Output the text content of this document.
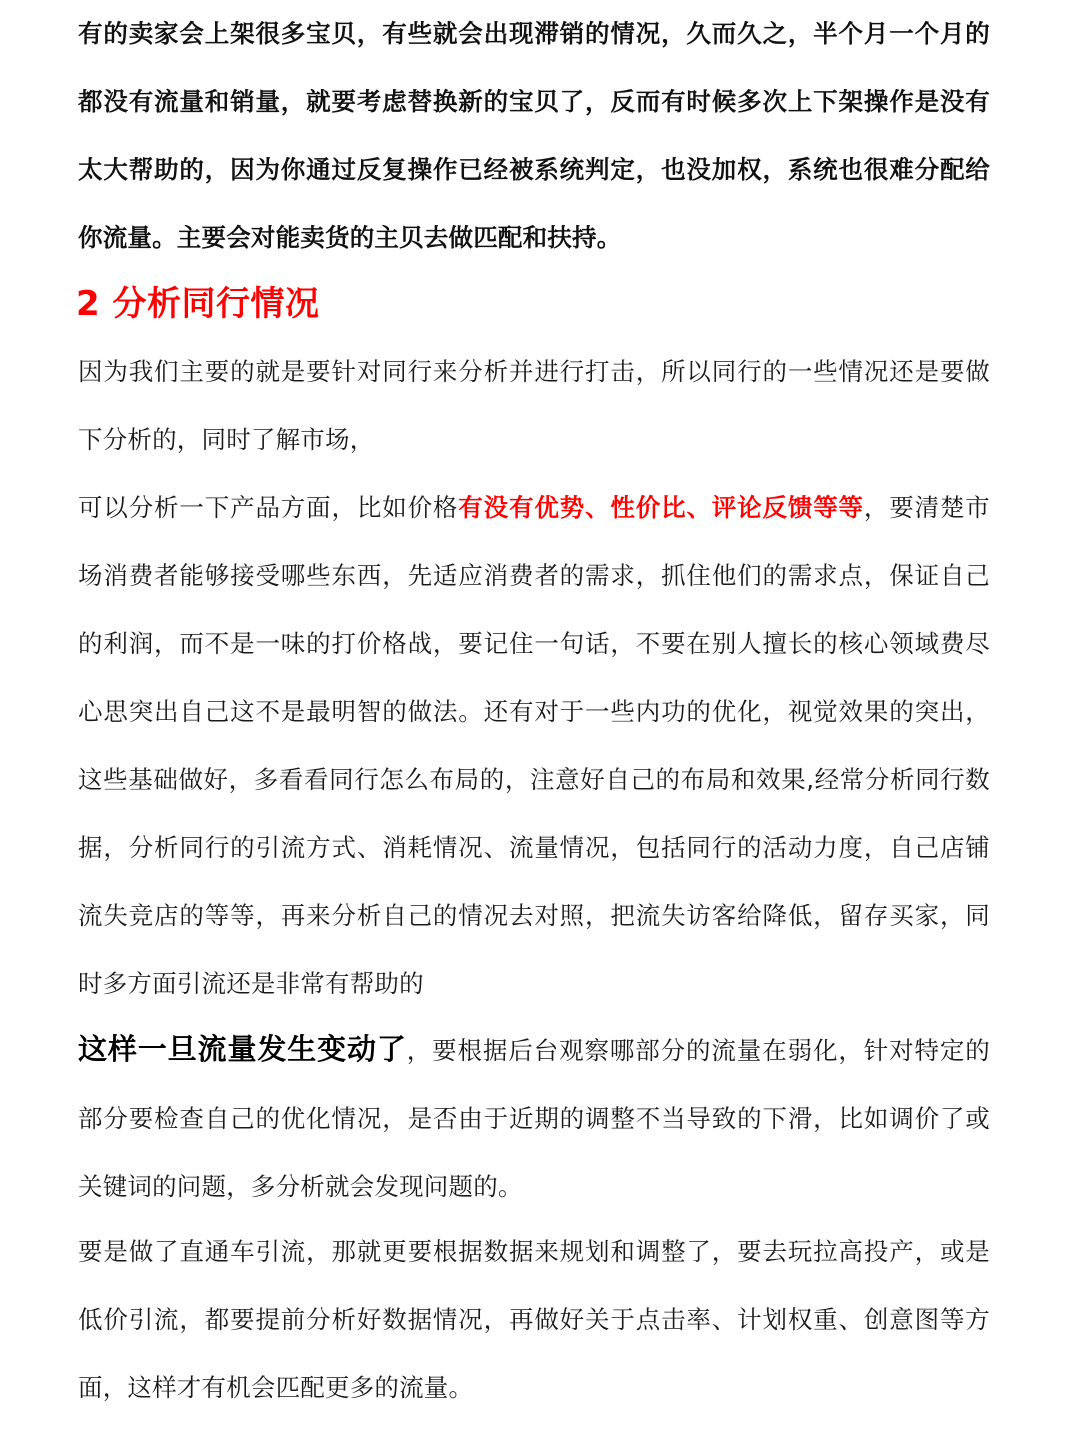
有的卖家会上架很多宝贝，有些就会出现滞销的情况，久而久之，半个月一个月的都没有流量和销量，就要考虑替换新的宝贝了，反而有时候多次上下架操作是没有太大帮助的，因为你通过反复操作已经被系统判定，也没加权，系统也很难分配给你流量。主要会对能卖货的主贝去做匹配和扶持。

2 分析同行情况

因为我们主要的就是要针对同行来分析并进行打击，所以同行的一些情况还是要做下分析的，同时了解市场，

可以分析一下产品方面，比如价格有没有优势、性价比、评论反馈等等，要清楚市场消费者能够接受哪些东西，先适应消费者的需求，抓住他们的需求点，保证自己的利润，而不是一味的打价格战，要记住一句话，不要在别人擅长的核心领域费尽心思突出自己这不是最明智的做法。还有对于一些内功的优化，视觉效果的突出，这些基础做好，多看看同行怎么布局的，注意好自己的布局和效果,经常分析同行数据，分析同行的引流方式、消耗情况、流量情况，包括同行的活动力度，自己店铺流失竞店的等等，再来分析自己的情况去对照，把流失访客给降低，留存买家，同时多方面引流还是非常有帮助的

这样一旦流量发生变动了，要根据后台观察哪部分的流量在弱化，针对特定的部分要检查自己的优化情况，是否由于近期的调整不当导致的下滑，比如调价了或关键词的问题，多分析就会发现问题的。

要是做了直通车引流，那就更要根据数据来规划和调整了，要去玩拉高投产，或是低价引流，都要提前分析好数据情况，再做好关于点击率、计划权重、创意图等方面，这样才有机会匹配更多的流量。
